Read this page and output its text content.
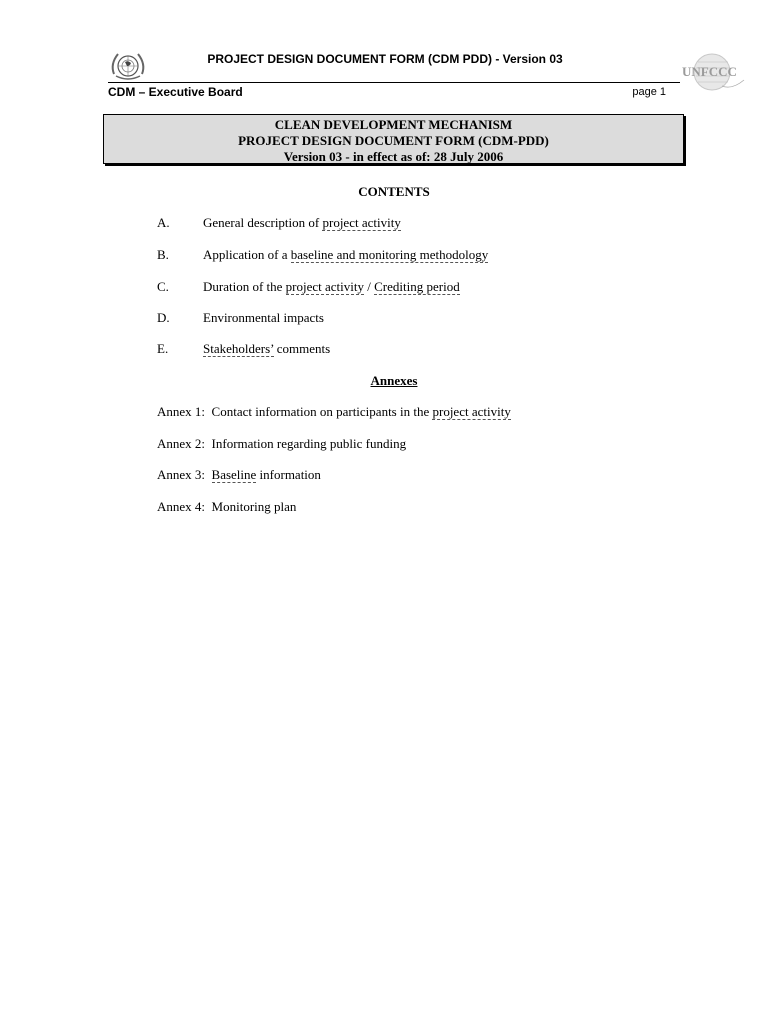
UNFCCC
PROJECT DESIGN DOCUMENT FORM (CDM PDD) - Version 03
CDM – Executive Board	page 1
CLEAN DEVELOPMENT MECHANISM
PROJECT DESIGN DOCUMENT FORM (CDM-PDD)
Version 03 - in effect as of: 28 July 2006
CONTENTS
A.	General description of project activity
B.	Application of a baseline and monitoring methodology
C.	Duration of the project activity / Crediting period
D.	Environmental impacts
E.	Stakeholders’ comments
Annexes
Annex 1: Contact information on participants in the project activity
Annex 2: Information regarding public funding
Annex 3: Baseline information
Annex 4: Monitoring plan
